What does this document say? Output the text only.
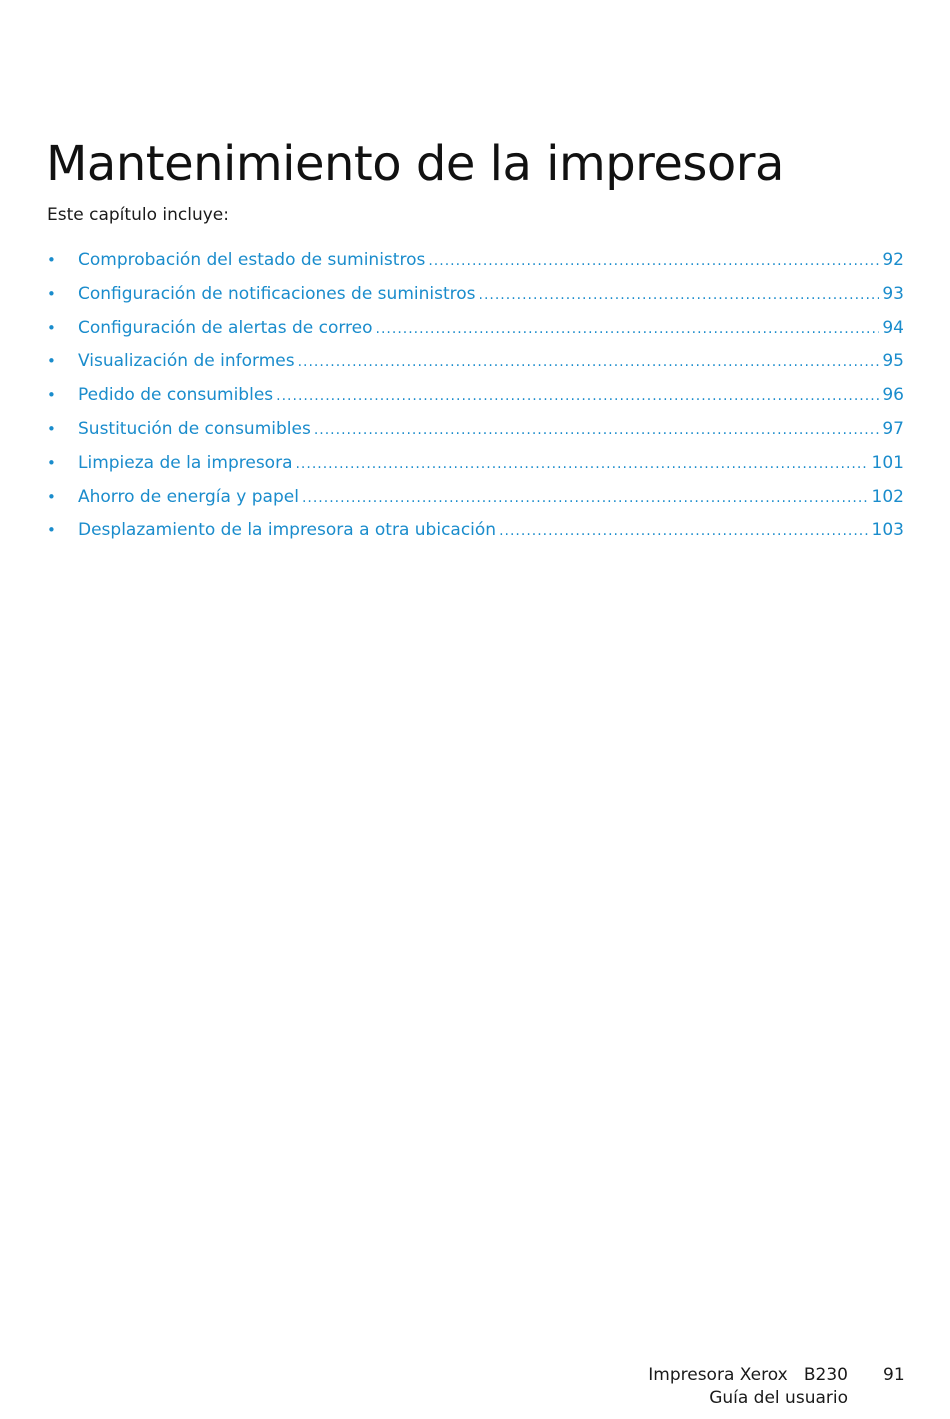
Mantenimiento de la impresora

Este capítulo incluye:

•	Comprobación del estado de suministros .....	92
•	Configuración de notificaciones de suministros .....	93
•	Configuración de alertas de correo .....	94
•	Visualización de informes .....	95
•	Pedido de consumibles .....	96
•	Sustitución de consumibles .....	97
•	Limpieza de la impresora .....	101
•	Ahorro de energía y papel .....	102
•	Desplazamiento de la impresora a otra ubicación .....	103
Impresora Xerox   B230
Guía del usuario
91
